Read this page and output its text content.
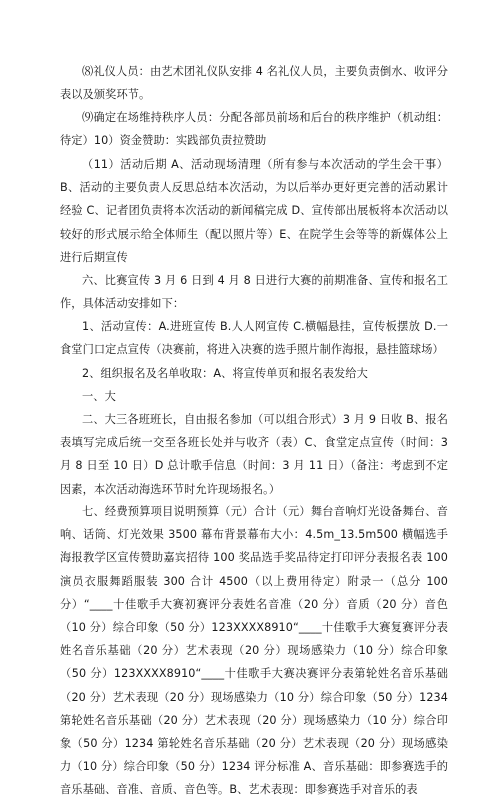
⑻礼仪人员：由艺术团礼仪队安排 4 名礼仪人员，主要负责倒水、收评分表以及颁奖环节。

⑼确定在场维持秩序人员：分配各部员前场和后台的秩序维护（机动组：待定）10）资金赞助：实践部负责拉赞助

（11）活动后期 A、活动现场清理（所有参与本次活动的学生会干事）B、活动的主要负责人反思总结本次活动，为以后举办更好更完善的活动累计经验 C、记者团负责将本次活动的新闻稿完成 D、宣传部出展板将本次活动以较好的形式展示给全体师生（配以照片等）E、在院学生会等等的新媒体公上进行后期宣传

六、比赛宣传 3 月 6 日到 4 月 8 日进行大赛的前期准备、宣传和报名工作，具体活动安排如下：

1、活动宣传：A.进班宣传 B.人人网宣传 C.横幅悬挂，宣传板摆放 D.一食堂门口定点宣传（决赛前，将进入决赛的选手照片制作海报，悬挂篮球场）

2、组织报名及名单收取：A、将宣传单页和报名表发给大

一、大

二、大三各班班长，自由报名参加（可以组合形式）3 月 9 日收 B、报名表填写完成后统一交至各班长处并与收齐（表）C、食堂定点宣传（时间：3 月 8 日至 10 日）D 总计歌手信息（时间：3 月 11 日）（备注：考虑到不定因素，本次活动海选环节时允许现场报名。）

七、经费预算项目说明预算（元）合计（元）舞台音响灯光设备舞台、音响、话筒、灯光效果 3500 幕布背景幕布大小：4.5m_13.5m500 横幅选手海报教学区宣传赞助嘉宾招待 100 奖品选手奖品待定打印评分表报名表 100 演员衣服舞蹈服装 300 合计 4500（以上费用待定）附录一（总分 100 分）“____十佳歌手大赛初赛评分表姓名音准（20 分）音质（20 分）音色（10 分）综合印象（50 分）123XXXX8910“____十佳歌手大赛复赛评分表姓名音乐基础（20 分）艺术表现（20 分）现场感染力（10 分）综合印象（50 分）123XXXX8910“____十佳歌手大赛决赛评分表第轮姓名音乐基础（20 分）艺术表现（20 分）现场感染力（10 分）综合印象（50 分）1234 第轮姓名音乐基础（20 分）艺术表现（20 分）现场感染力（10 分）综合印象（50 分）1234 第轮姓名音乐基础（20 分）艺术表现（20 分）现场感染力（10 分）综合印象（50 分）1234 评分标准 A、音乐基础：即参赛选手的音乐基础、音准、音质、音色等。B、艺术表现：即参赛选手对音乐的表
